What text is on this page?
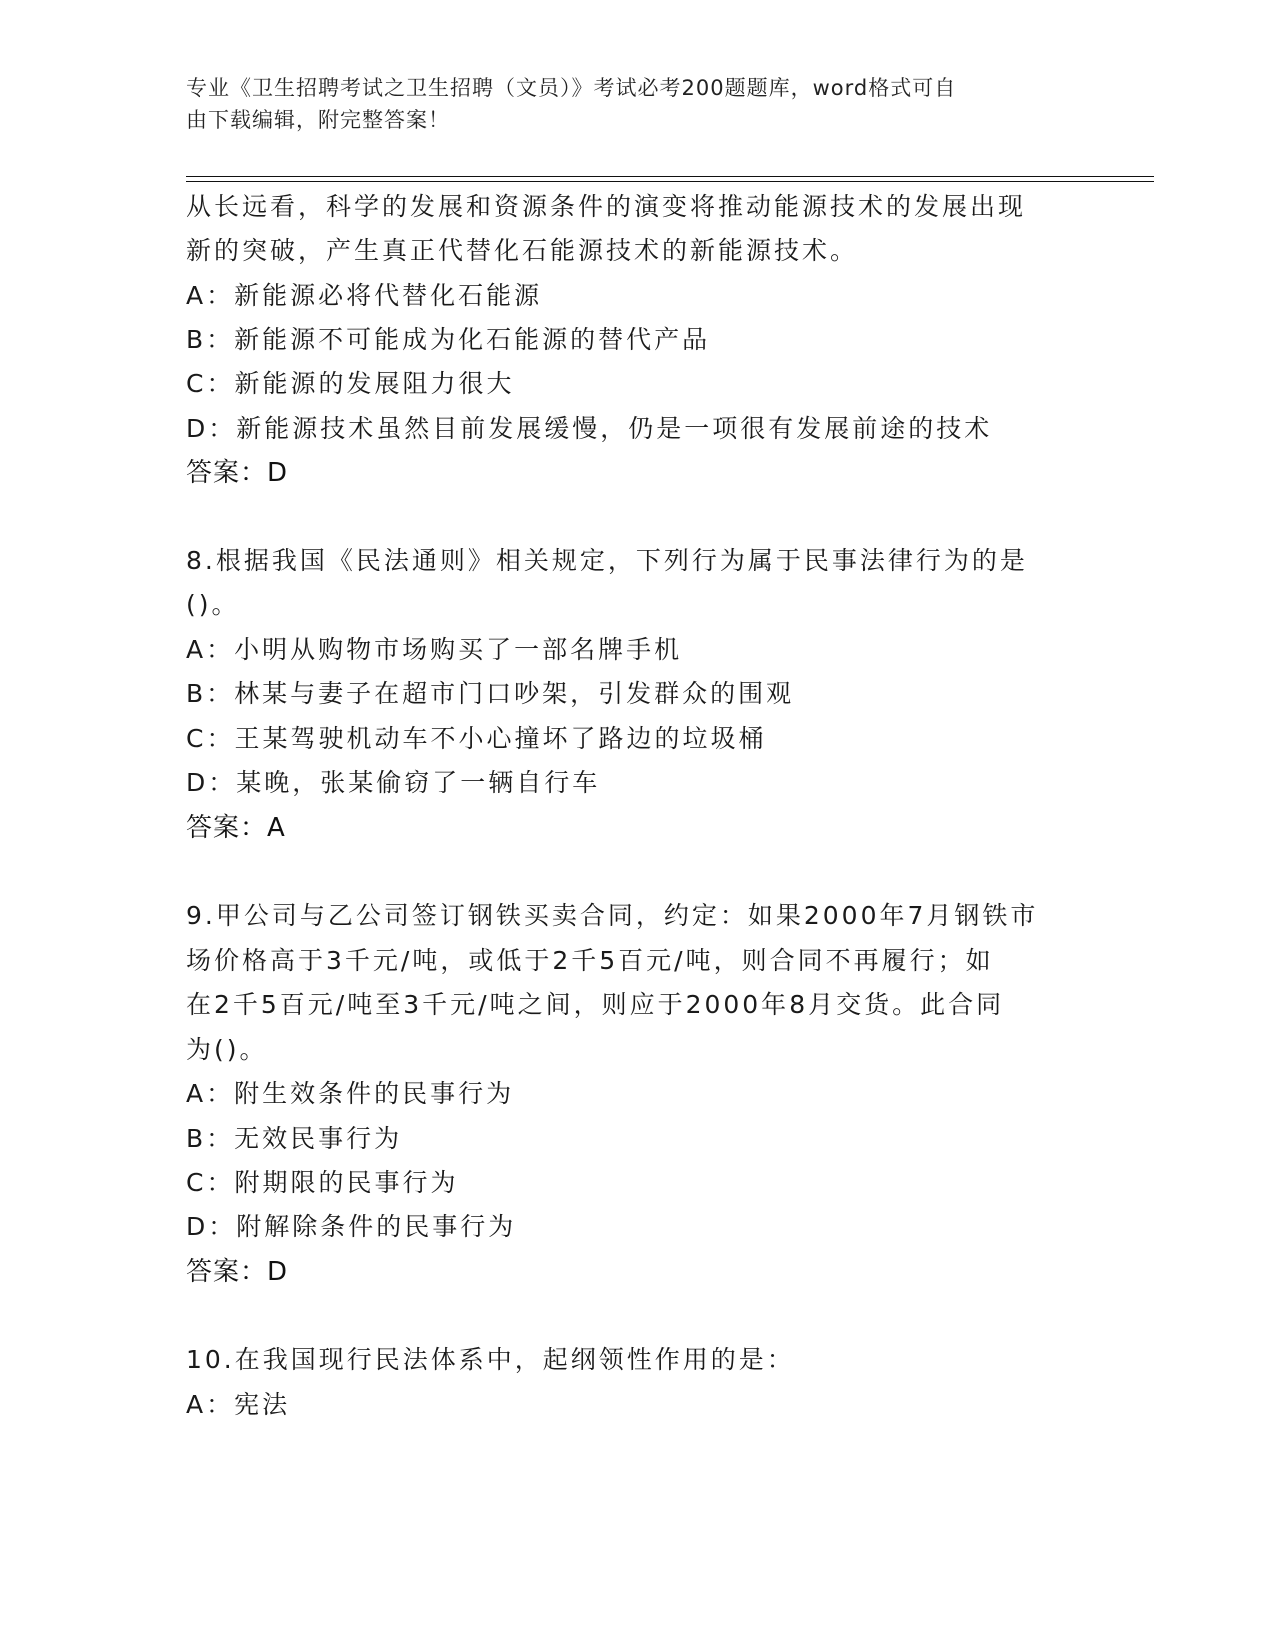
专业《卫生招聘考试之卫生招聘（文员）》考试必考200题题库，word格式可自
由下载编辑，附完整答案！
从长远看，科学的发展和资源条件的演变将推动能源技术的发展出现
新的突破，产生真正代替化石能源技术的新能源技术。
A：新能源必将代替化石能源
B：新能源不可能成为化石能源的替代产品
C：新能源的发展阻力很大
D：新能源技术虽然目前发展缓慢，仍是一项很有发展前途的技术
答案：D
8.根据我国《民法通则》相关规定，下列行为属于民事法律行为的是
()。
A：小明从购物市场购买了一部名牌手机
B：林某与妻子在超市门口吵架，引发群众的围观
C：王某驾驶机动车不小心撞坏了路边的垃圾桶
D：某晚，张某偷窃了一辆自行车
答案：A
9.甲公司与乙公司签订钢铁买卖合同，约定：如果2000年7月钢铁市
场价格高于3千元/吨，或低于2千5百元/吨，则合同不再履行；如
在2千5百元/吨至3千元/吨之间，则应于2000年8月交货。此合同
为()。
A：附生效条件的民事行为
B：无效民事行为
C：附期限的民事行为
D：附解除条件的民事行为
答案：D
10.在我国现行民法体系中，起纲领性作用的是：
A：宪法
